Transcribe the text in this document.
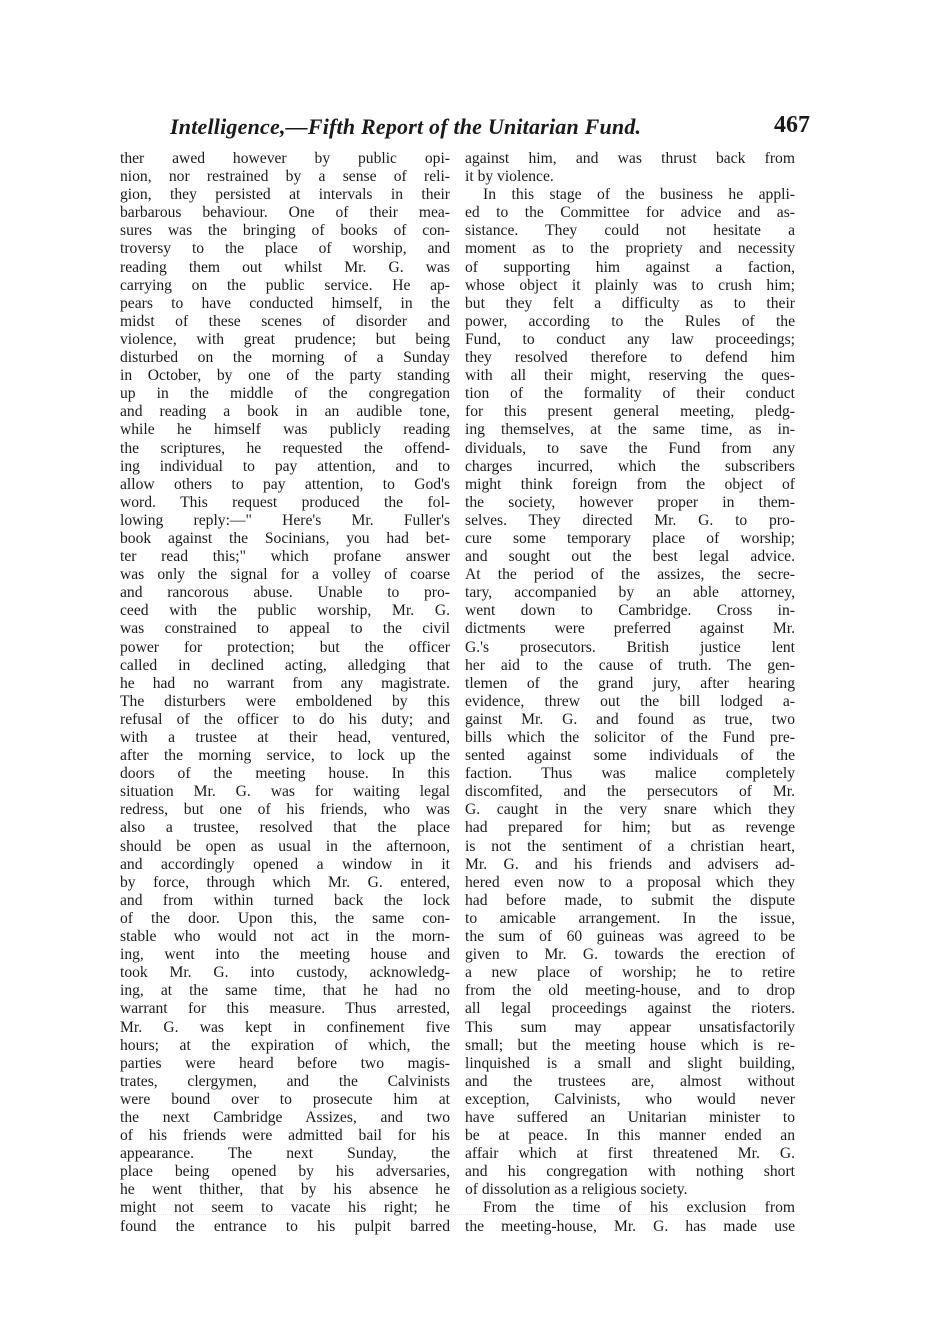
Intelligence,—Fifth Report of the Unitarian Fund.	467
ther awed however by public opi-
nion, nor restrained by a sense of reli-
gion, they persisted at intervals in their
barbarous behaviour. One of their mea-
sures was the bringing of books of con-
troversy to the place of worship, and
reading them out whilst Mr. G. was
carrying on the public service. He ap-
pears to have conducted himself, in the
midst of these scenes of disorder and
violence, with great prudence; but being
disturbed on the morning of a Sunday
in October, by one of the party standing
up in the middle of the congregation
and reading a book in an audible tone,
while he himself was publicly reading
the scriptures, he requested the offend-
ing individual to pay attention, and to
allow others to pay attention, to God's
word. This request produced the fol-
lowing reply:—" Here's Mr. Fuller's
book against the Socinians, you had bet-
ter read this;" which profane answer
was only the signal for a volley of coarse
and rancorous abuse. Unable to pro-
ceed with the public worship, Mr. G.
was constrained to appeal to the civil
power for protection; but the officer
called in declined acting, alledging that
he had no warrant from any magistrate.
The disturbers were emboldened by this
refusal of the officer to do his duty; and
with a trustee at their head, ventured,
after the morning service, to lock up the
doors of the meeting house. In this
situation Mr. G. was for waiting legal
redress, but one of his friends, who was
also a trustee, resolved that the place
should be open as usual in the afternoon,
and accordingly opened a window in it
by force, through which Mr. G. entered,
and from within turned back the lock
of the door. Upon this, the same con-
stable who would not act in the morn-
ing, went into the meeting house and
took Mr. G. into custody, acknowledg-
ing, at the same time, that he had no
warrant for this measure. Thus arrested,
Mr. G. was kept in confinement five
hours; at the expiration of which, the
parties were heard before two magis-
trates, clergymen, and the Calvinists
were bound over to prosecute him at
the next Cambridge Assizes, and two
of his friends were admitted bail for his
appearance. The next Sunday, the
place being opened by his adversaries,
he went thither, that by his absence he
might not seem to vacate his right; he
found the entrance to his pulpit barred
against him, and was thrust back from
it by violence.
In this stage of the business he appli-
ed to the Committee for advice and as-
sistance. They could not hesitate a
moment as to the propriety and necessity
of supporting him against a faction,
whose object it plainly was to crush him;
but they felt a difficulty as to their
power, according to the Rules of the
Fund, to conduct any law proceedings;
they resolved therefore to defend him
with all their might, reserving the ques-
tion of the formality of their conduct
for this present general meeting, pledg-
ing themselves, at the same time, as in-
dividuals, to save the Fund from any
charges incurred, which the subscribers
might think foreign from the object of
the society, however proper in them-
selves. They directed Mr. G. to pro-
cure some temporary place of worship;
and sought out the best legal advice.
At the period of the assizes, the secre-
tary, accompanied by an able attorney,
went down to Cambridge. Cross in-
dictments were preferred against Mr.
G.'s prosecutors. British justice lent
her aid to the cause of truth. The gen-
tlemen of the grand jury, after hearing
evidence, threw out the bill lodged a-
gainst Mr. G. and found as true, two
bills which the solicitor of the Fund pre-
sented against some individuals of the
faction. Thus was malice completely
discomfited, and the persecutors of Mr.
G. caught in the very snare which they
had prepared for him; but as revenge
is not the sentiment of a christian heart,
Mr. G. and his friends and advisers ad-
hered even now to a proposal which they
had before made, to submit the dispute
to amicable arrangement. In the issue,
the sum of 60 guineas was agreed to be
given to Mr. G. towards the erection of
a new place of worship; he to retire
from the old meeting-house, and to drop
all legal proceedings against the rioters.
This sum may appear unsatisfactorily
small; but the meeting house which is re-
linquished is a small and slight building,
and the trustees are, almost without
exception, Calvinists, who would never
have suffered an Unitarian minister to
be at peace. In this manner ended an
affair which at first threatened Mr. G.
and his congregation with nothing short
of dissolution as a religious society.
From the time of his exclusion from
the meeting-house, Mr. G. has made use
